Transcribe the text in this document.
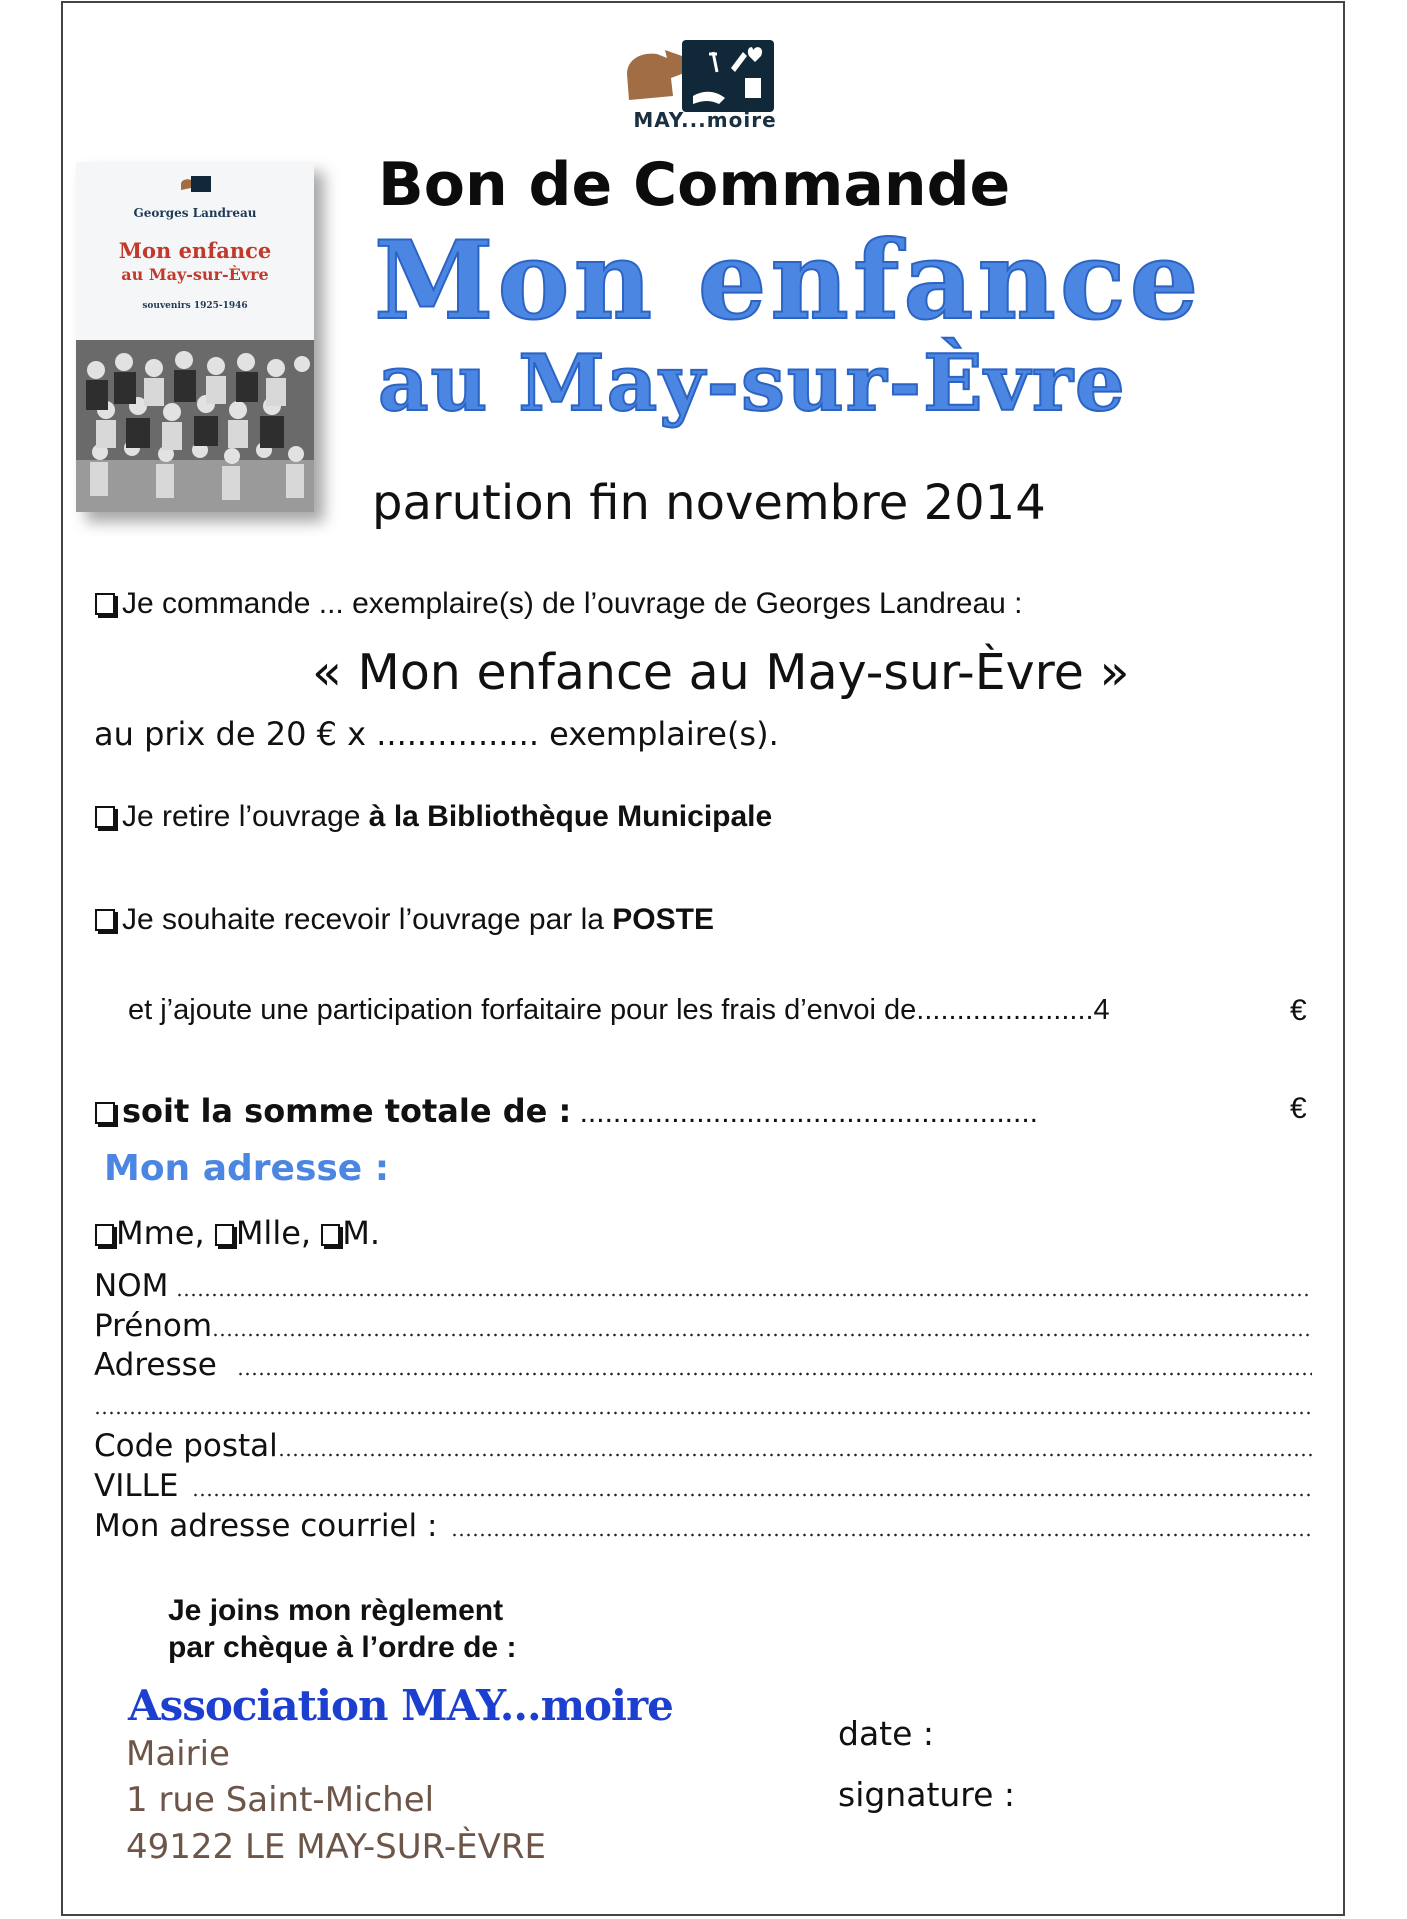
MAY...moire
Georges Landreau
Mon enfance
au May-sur-Èvre
souvenirs 1925-1946
Bon de Commande
Mon enfance
au May-sur-Èvre
parution fin novembre 2014
Je commande ... exemplaire(s) de l’ouvrage de Georges Landreau :
« Mon enfance au May-sur-Èvre »
au prix de 20 € x ................ exemplaire(s).
Je retire l’ouvrage à la Bibliothèque Municipale
Je souhaite recevoir l’ouvrage par la POSTE
et j’ajoute une participation forfaitaire pour les frais d’envoi de......................4	€
soit la somme totale de : .......................................................	€
Mon adresse :
Mme, Mlle, M.
NOM
Prénom
Adresse
Code postal
VILLE
Mon adresse courriel :
Je joins mon règlement
par chèque à l’ordre de :
Association MAY...moire
Mairie
1 rue Saint-Michel
49122 LE MAY-SUR-ÈVRE
date :
signature :
